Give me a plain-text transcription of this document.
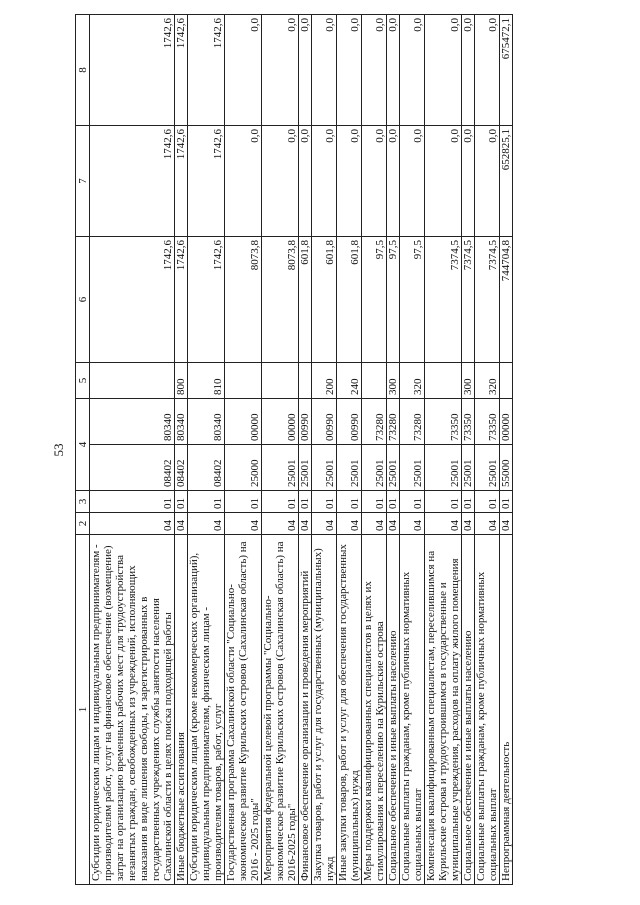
53
1	2	3	4		5	6	7	8
Субсидии юридическим лицам и индивидуальным предпринимателям - производителям работ, услуг на финансовое обеспечение (возмещение) затрат на организацию временных рабочих мест для трудоустройства незанятых граждан, освобожденных из учреждений, исполняющих наказания в виде лишения свободы, и зарегистрированных в государственных учреждениях службы занятости населения Сахалинской области в целях поиска подходящей работы	04	01	08402	80340		1742,6	1742,6	1742,6
Иные бюджетные ассигнования	04	01	08402	80340	800	1742,6	1742,6	1742,6
Субсидии юридическим лицам (кроме некоммерческих организаций), индивидуальным предпринимателям, физическим лицам - производителям товаров, работ, услуг	04	01	08402	80340	810	1742,6	1742,6	1742,6
Государственная программа Сахалинской области "Социально-экономическое развитие Курильских островов (Сахалинская область) на 2016 - 2025 годы"	04	01	25000	00000		8073,8	0,0	0,0
Мероприятия федеральной целевой программы "Социально-экономическое развитие Курильских островов (Сахалинская область) на 2016-2025 годы"	04	01	25001	00000		8073,8	0,0	0,0
Финансовое обеспечение организации и проведения мероприятий	04	01	25001	00990		601,8	0,0	0,0
Закупка товаров, работ и услуг для государственных (муниципальных) нужд	04	01	25001	00990	200	601,8	0,0	0,0
Иные закупки товаров, работ и услуг для обеспечения государственных (муниципальных) нужд	04	01	25001	00990	240	601,8	0,0	0,0
Меры поддержки квалифицированных специалистов в целях их стимулирования к переселению на Курильские острова	04	01	25001	73280		97,5	0,0	0,0
Социальное обеспечение и иные выплаты населению	04	01	25001	73280	300	97,5	0,0	0,0
Социальные выплаты гражданам, кроме публичных нормативных социальных выплат	04	01	25001	73280	320	97,5	0,0	0,0
Компенсация квалифицированным специалистам, переселившимся на Курильские острова и трудоустроившимся в государственные и муниципальные учреждения, расходов на оплату жилого помещения	04	01	25001	73350		7374,5	0,0	0,0
Социальное обеспечение и иные выплаты населению	04	01	25001	73350	300	7374,5	0,0	0,0
Социальные выплаты гражданам, кроме публичных нормативных социальных выплат	04	01	25001	73350	320	7374,5	0,0	0,0
Непрограммная деятельность	04	01	55000	00000		744704,8	652825,1	675472,1
